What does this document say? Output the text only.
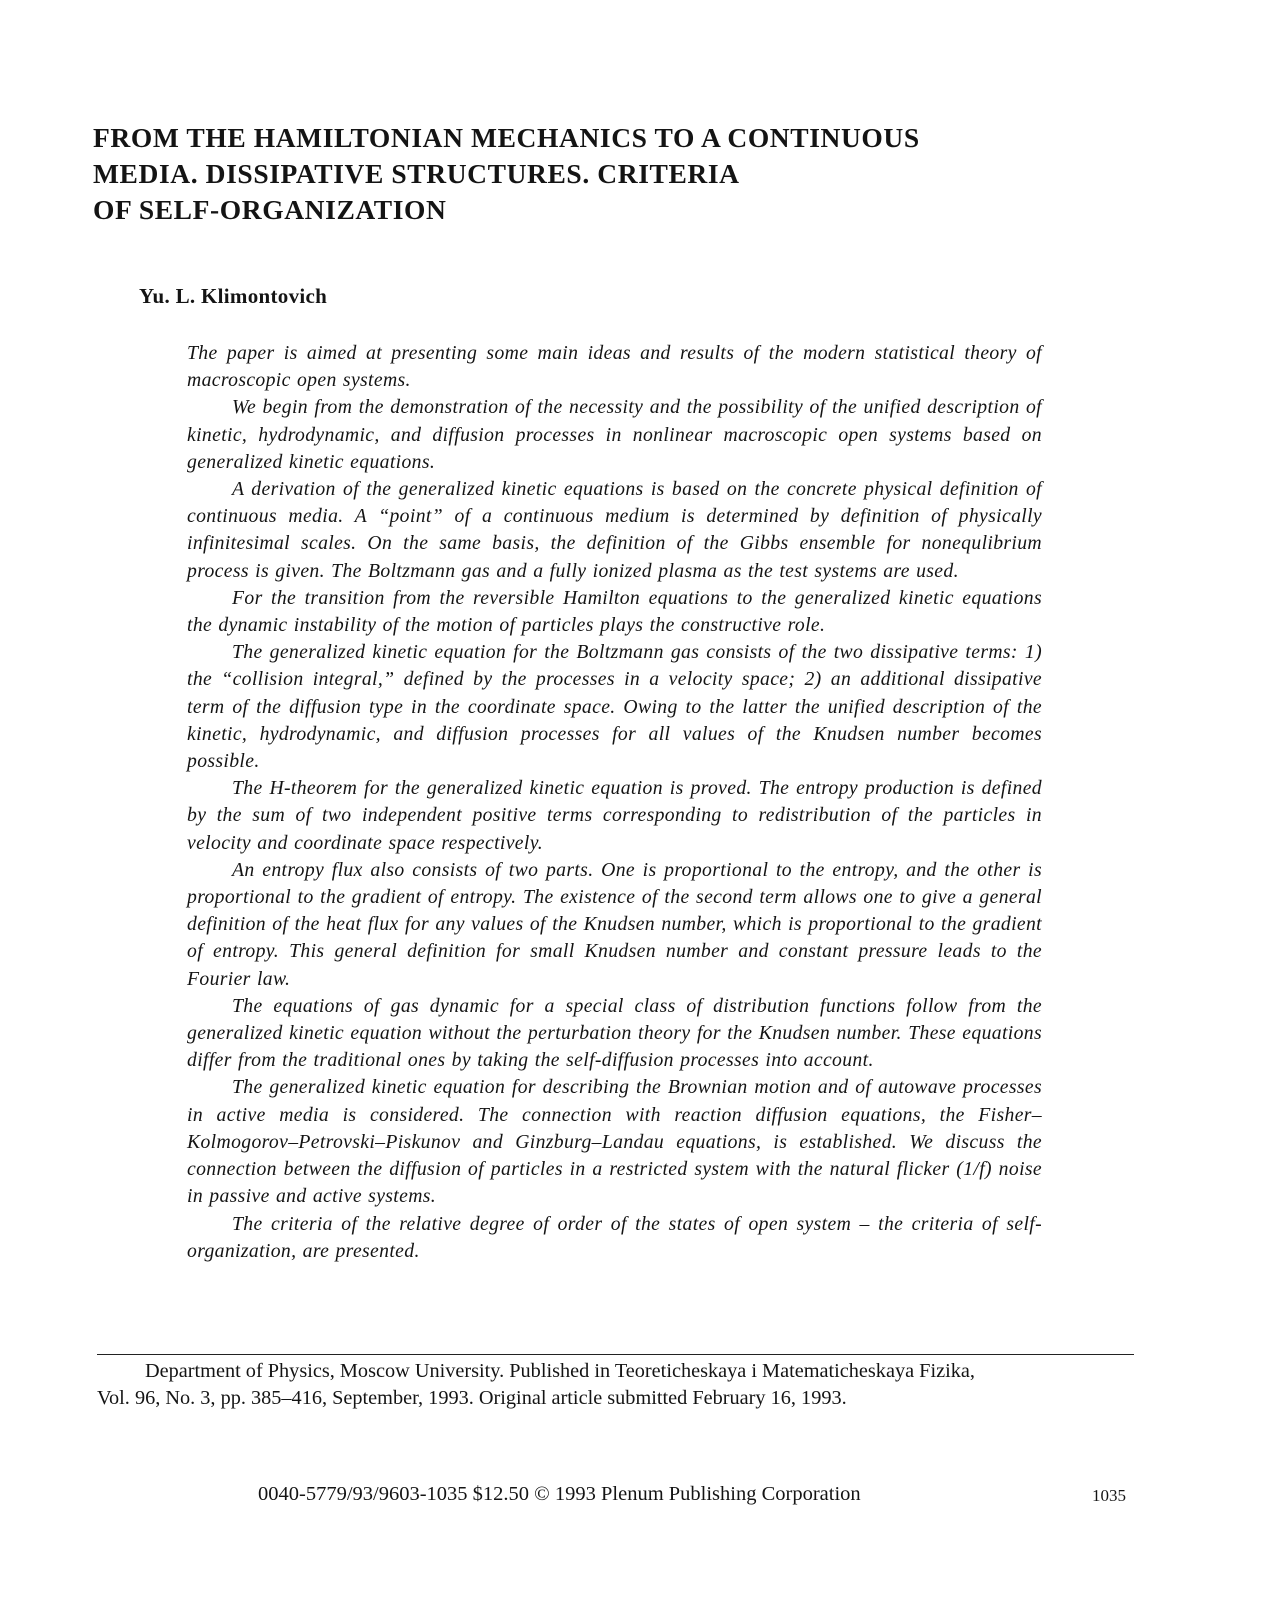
FROM THE HAMILTONIAN MECHANICS TO A CONTINUOUS
MEDIA. DISSIPATIVE STRUCTURES. CRITERIA
OF SELF-ORGANIZATION
Yu. L. Klimontovich

The paper is aimed at presenting some main ideas and results of the modern statistical theory of macroscopic open systems.

We begin from the demonstration of the necessity and the possibility of the unified description of kinetic, hydrodynamic, and diffusion processes in nonlinear macroscopic open systems based on generalized kinetic equations.

A derivation of the generalized kinetic equations is based on the concrete physical definition of continuous media. A “point” of a continuous medium is determined by definition of physically infinitesimal scales. On the same basis, the definition of the Gibbs ensemble for nonequlibrium process is given. The Boltzmann gas and a fully ionized plasma as the test systems are used.

For the transition from the reversible Hamilton equations to the generalized kinetic equations the dynamic instability of the motion of particles plays the constructive role.

The generalized kinetic equation for the Boltzmann gas consists of the two dissipative terms: 1) the “collision integral,” defined by the processes in a velocity space; 2) an additional dissipative term of the diffusion type in the coordinate space. Owing to the latter the unified description of the kinetic, hydrodynamic, and diffusion processes for all values of the Knudsen number becomes possible.

The H-theorem for the generalized kinetic equation is proved. The entropy production is defined by the sum of two independent positive terms corresponding to redistribution of the particles in velocity and coordinate space respectively.

An entropy flux also consists of two parts. One is proportional to the entropy, and the other is proportional to the gradient of entropy. The existence of the second term allows one to give a general definition of the heat flux for any values of the Knudsen number, which is proportional to the gradient of entropy. This general definition for small Knudsen number and constant pressure leads to the Fourier law.

The equations of gas dynamic for a special class of distribution functions follow from the generalized kinetic equation without the perturbation theory for the Knudsen number. These equations differ from the traditional ones by taking the self-diffusion processes into account.

The generalized kinetic equation for describing the Brownian motion and of autowave processes in active media is considered. The connection with reaction diffusion equations, the Fisher–Kolmogorov–Petrovski–Piskunov and Ginzburg–Landau equations, is established. We discuss the connection between the diffusion of particles in a restricted system with the natural flicker (1/f) noise in passive and active systems.

The criteria of the relative degree of order of the states of open system – the criteria of self-organization, are presented.

Department of Physics, Moscow University. Published in Teoreticheskaya i Matematicheskaya Fizika,
Vol. 96, No. 3, pp. 385–416, September, 1993. Original article submitted February 16, 1993.
0040-5779/93/9603-1035 $12.50 © 1993 Plenum Publishing Corporation	1035
